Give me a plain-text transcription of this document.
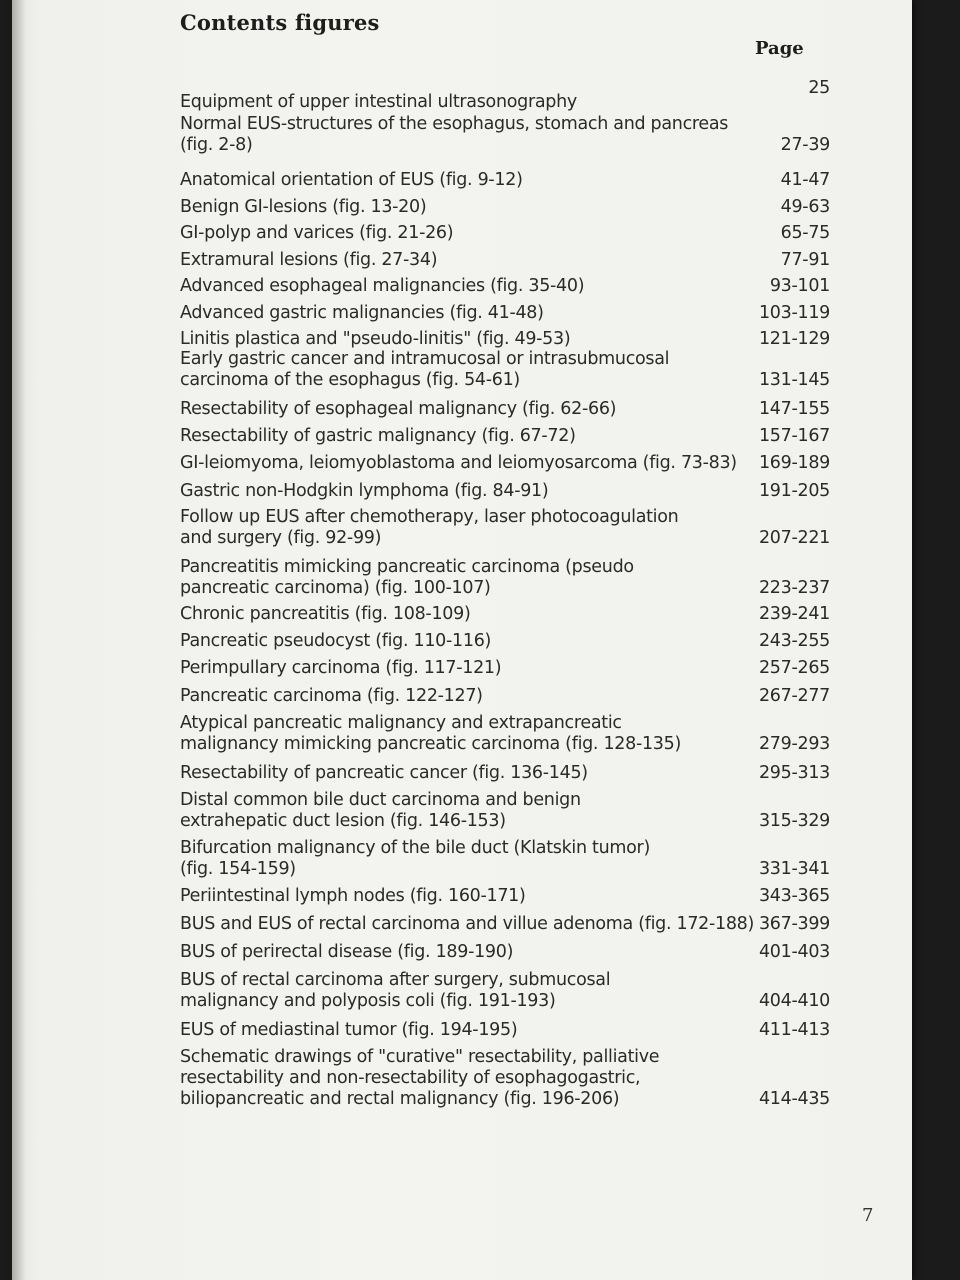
Contents figures
Page
7
Equipment of upper intestinal ultrasonography
25
Normal EUS-structures of the esophagus, stomach and pancreas
(fig. 2-8)	27-39
Anatomical orientation of EUS (fig. 9-12)	41-47
Benign GI-lesions (fig. 13-20)	49-63
GI-polyp and varices (fig. 21-26)	65-75
Extramural lesions (fig. 27-34)	77-91
Advanced esophageal malignancies (fig. 35-40)	93-101
Advanced gastric malignancies (fig. 41-48)	103-119
Linitis plastica and "pseudo-linitis" (fig. 49-53)	121-129
Early gastric cancer and intramucosal or intrasubmucosal
carcinoma of the esophagus (fig. 54-61)	131-145
Resectability of esophageal malignancy (fig. 62-66)	147-155
Resectability of gastric malignancy (fig. 67-72)	157-167
GI-leiomyoma, leiomyoblastoma and leiomyosarcoma (fig. 73-83)	169-189
Gastric non-Hodgkin lymphoma (fig. 84-91)	191-205
Follow up EUS after chemotherapy, laser photocoagulation
and surgery (fig. 92-99)	207-221
Pancreatitis mimicking pancreatic carcinoma (pseudo
pancreatic carcinoma) (fig. 100-107)	223-237
Chronic pancreatitis (fig. 108-109)	239-241
Pancreatic pseudocyst (fig. 110-116)	243-255
Perimpullary carcinoma (fig. 117-121)	257-265
Pancreatic carcinoma (fig. 122-127)	267-277
Atypical pancreatic malignancy and extrapancreatic
malignancy mimicking pancreatic carcinoma (fig. 128-135)	279-293
Resectability of pancreatic cancer (fig. 136-145)	295-313
Distal common bile duct carcinoma and benign
extrahepatic duct lesion (fig. 146-153)	315-329
Bifurcation malignancy of the bile duct (Klatskin tumor)
(fig. 154-159)	331-341
Periintestinal lymph nodes (fig. 160-171)	343-365
BUS and EUS of rectal carcinoma and villue adenoma (fig. 172-188) 367-399
BUS of perirectal disease (fig. 189-190)	401-403
BUS of rectal carcinoma after surgery, submucosal
malignancy and polyposis coli (fig. 191-193)	404-410
EUS of mediastinal tumor (fig. 194-195)	411-413
Schematic drawings of "curative" resectability, palliative
resectability and non-resectability of esophagogastric,
biliopancreatic and rectal malignancy (fig. 196-206)	414-435
